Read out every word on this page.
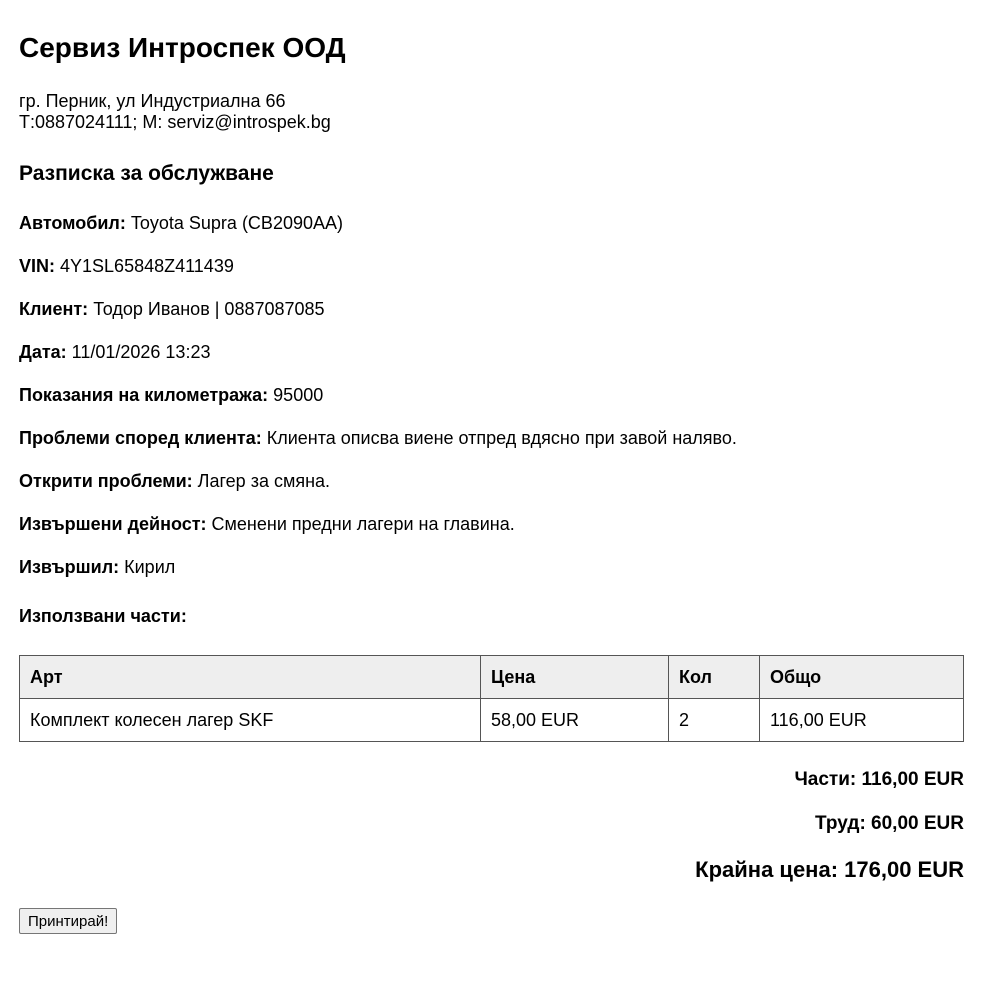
Сервиз Интроспек ООД
гр. Перник, ул Индустриална 66
Т:0887024111; M: serviz@introspek.bg
Разписка за обслужване
Автомобил: Toyota Supra (CB2090AA)
VIN: 4Y1SL65848Z411439
Клиент: Тодор Иванов | 0887087085
Дата: 11/01/2026 13:23
Показания на километража: 95000
Проблеми според клиента: Клиента описва виене отпред вдясно при завой наляво.
Открити проблеми: Лагер за смяна.
Извършени дейност: Сменени предни лагери на главина.
Извършил: Кирил
Използвани части:
Арт	Цена	Кол	Общо
Комплект колесен лагер SKF	58,00 EUR	2	116,00 EUR
Части: 116,00 EUR
Труд: 60,00 EUR
Крайна цена: 176,00 EUR
Принтирай!
